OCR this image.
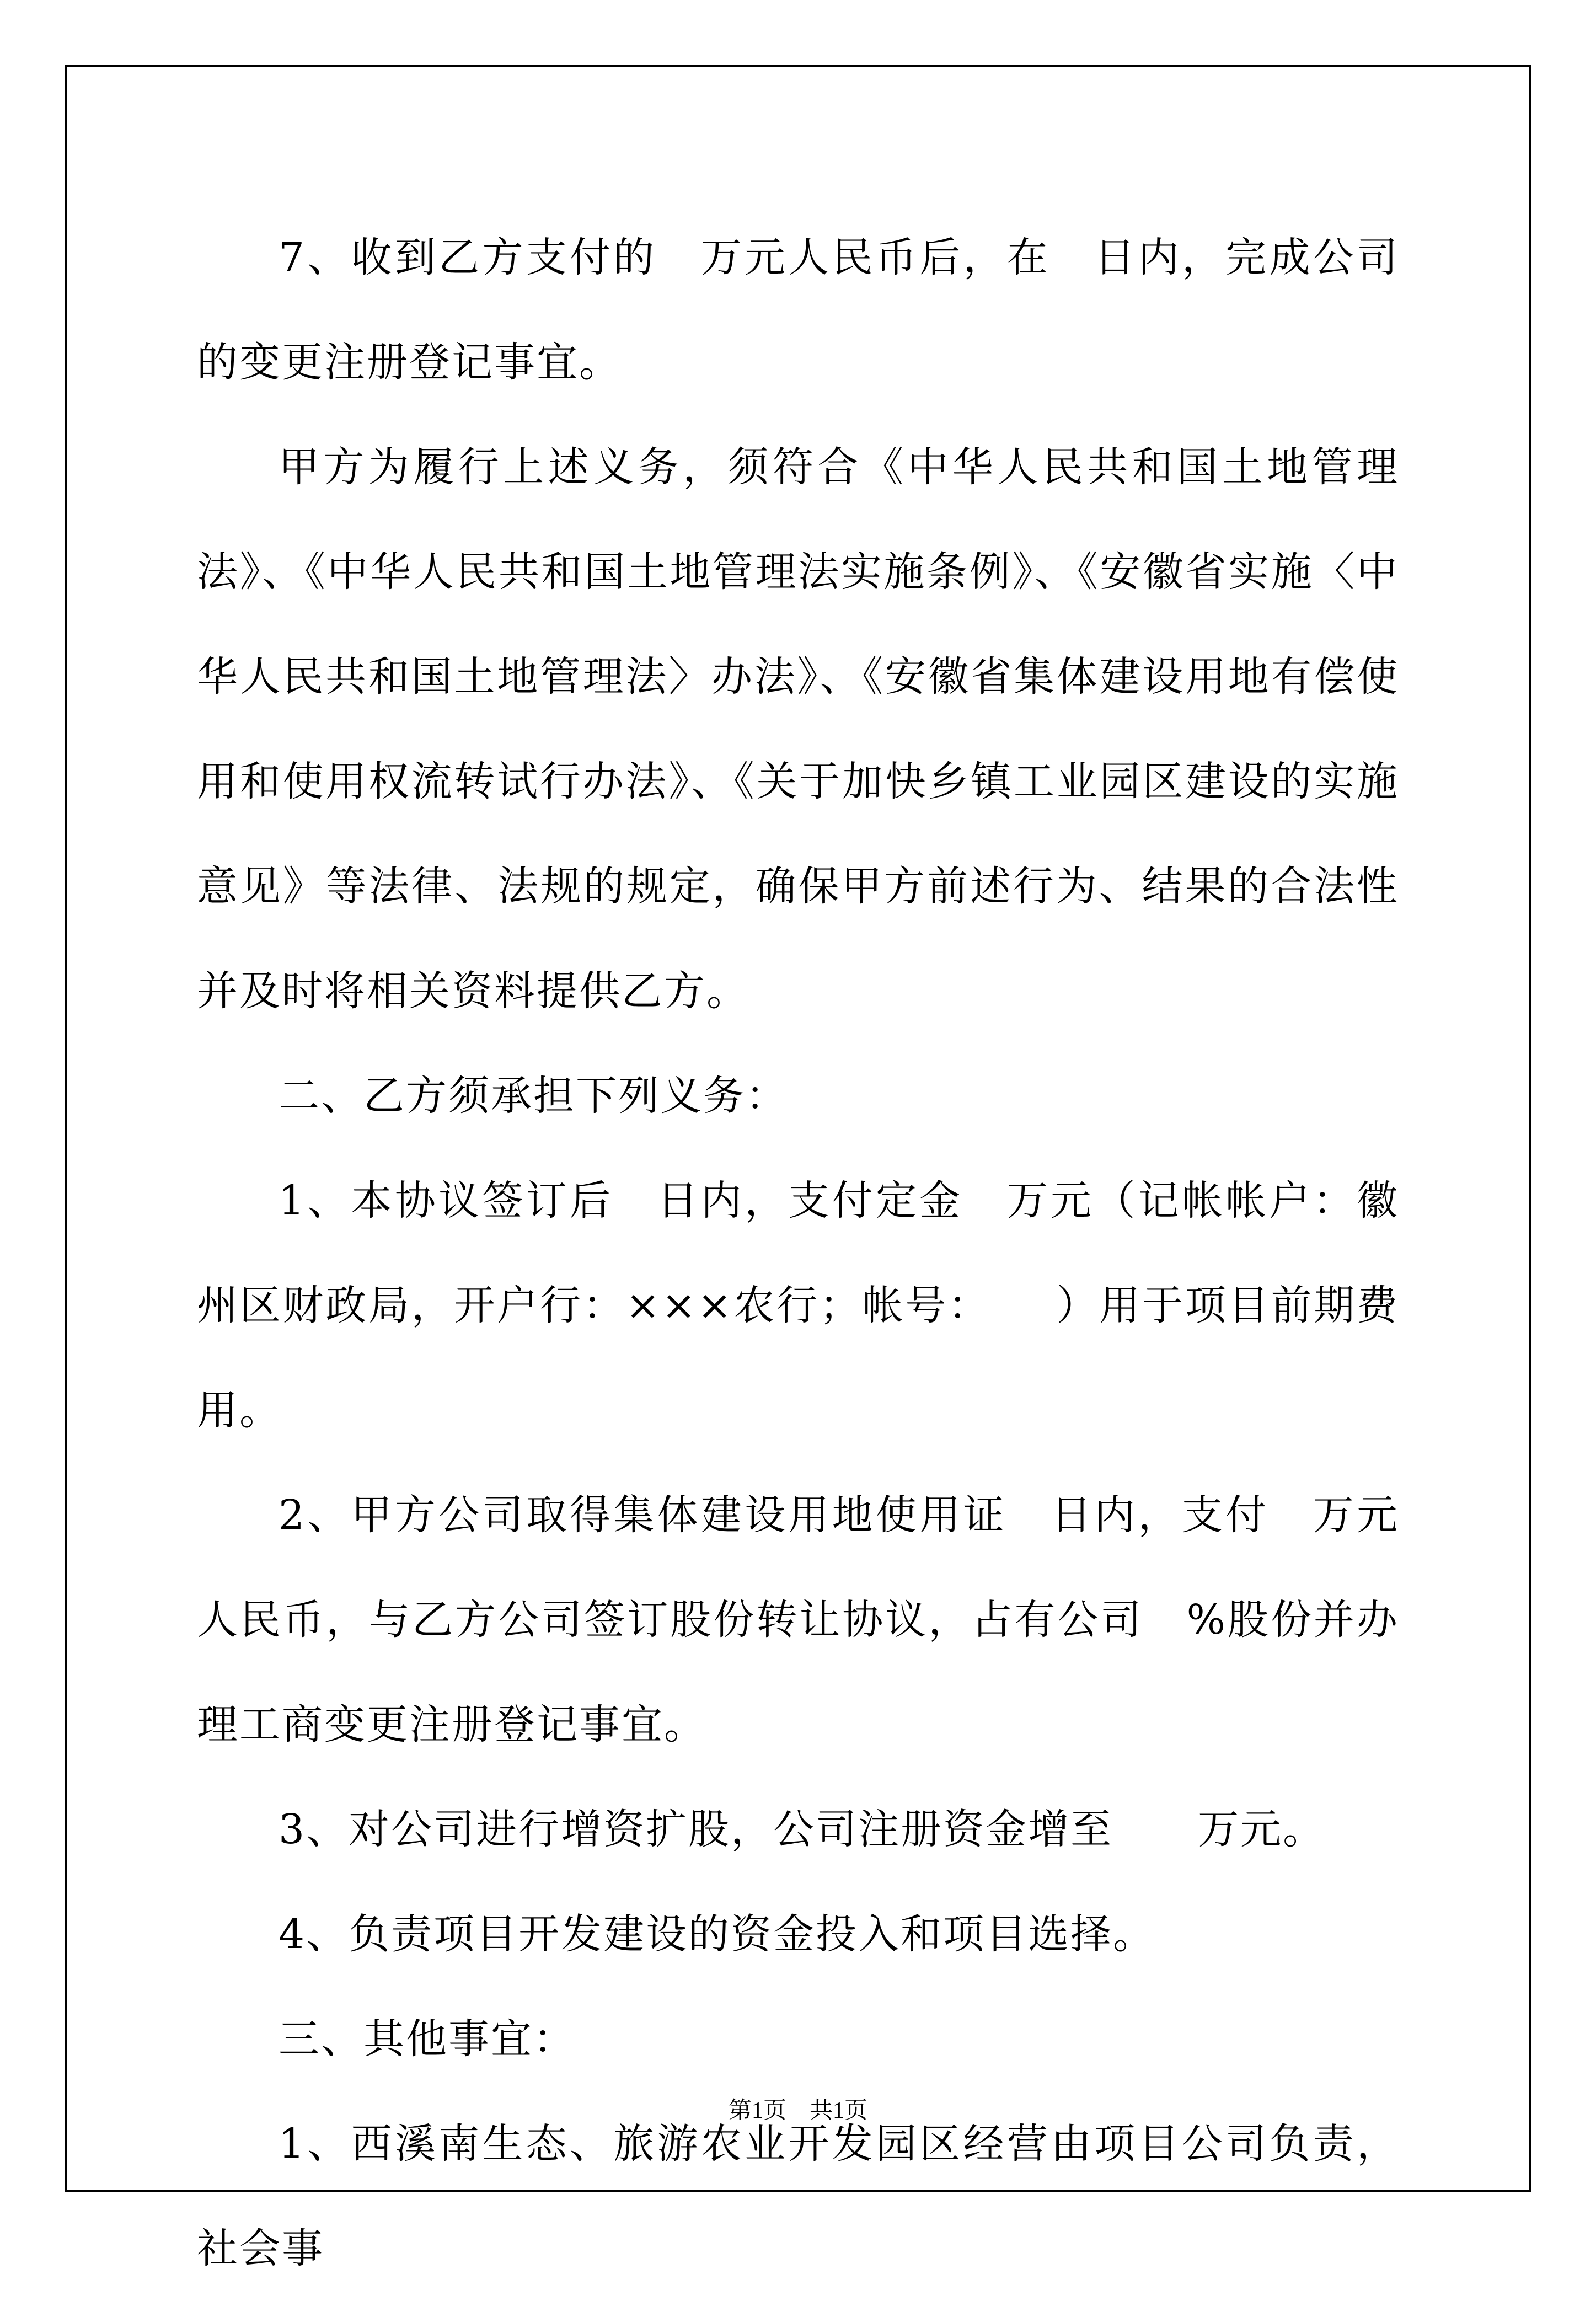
7、收到乙方支付的　万元人民币后，在　日内，完成公司的变更注册登记事宜。

甲方为履行上述义务，须符合《中华人民共和国土地管理法》、《中华人民共和国土地管理法实施条例》、《安徽省实施〈中华人民共和国土地管理法〉办法》、《安徽省集体建设用地有偿使用和使用权流转试行办法》、《关于加快乡镇工业园区建设的实施意见》等法律、法规的规定，确保甲方前述行为、结果的合法性并及时将相关资料提供乙方。

二、乙方须承担下列义务：

1、本协议签订后　日内，支付定金　万元（记帐帐户：徽州区财政局，开户行：×××农行；帐号：　　）用于项目前期费用。

2、甲方公司取得集体建设用地使用证　日内，支付　万元人民币，与乙方公司签订股份转让协议，占有公司　%股份并办理工商变更注册登记事宜。

3、对公司进行增资扩股，公司注册资金增至　　万元。

4、负责项目开发建设的资金投入和项目选择。

三、其他事宜：

1、西溪南生态、旅游农业开发园区经营由项目公司负责，社会事

第1页　共1页
